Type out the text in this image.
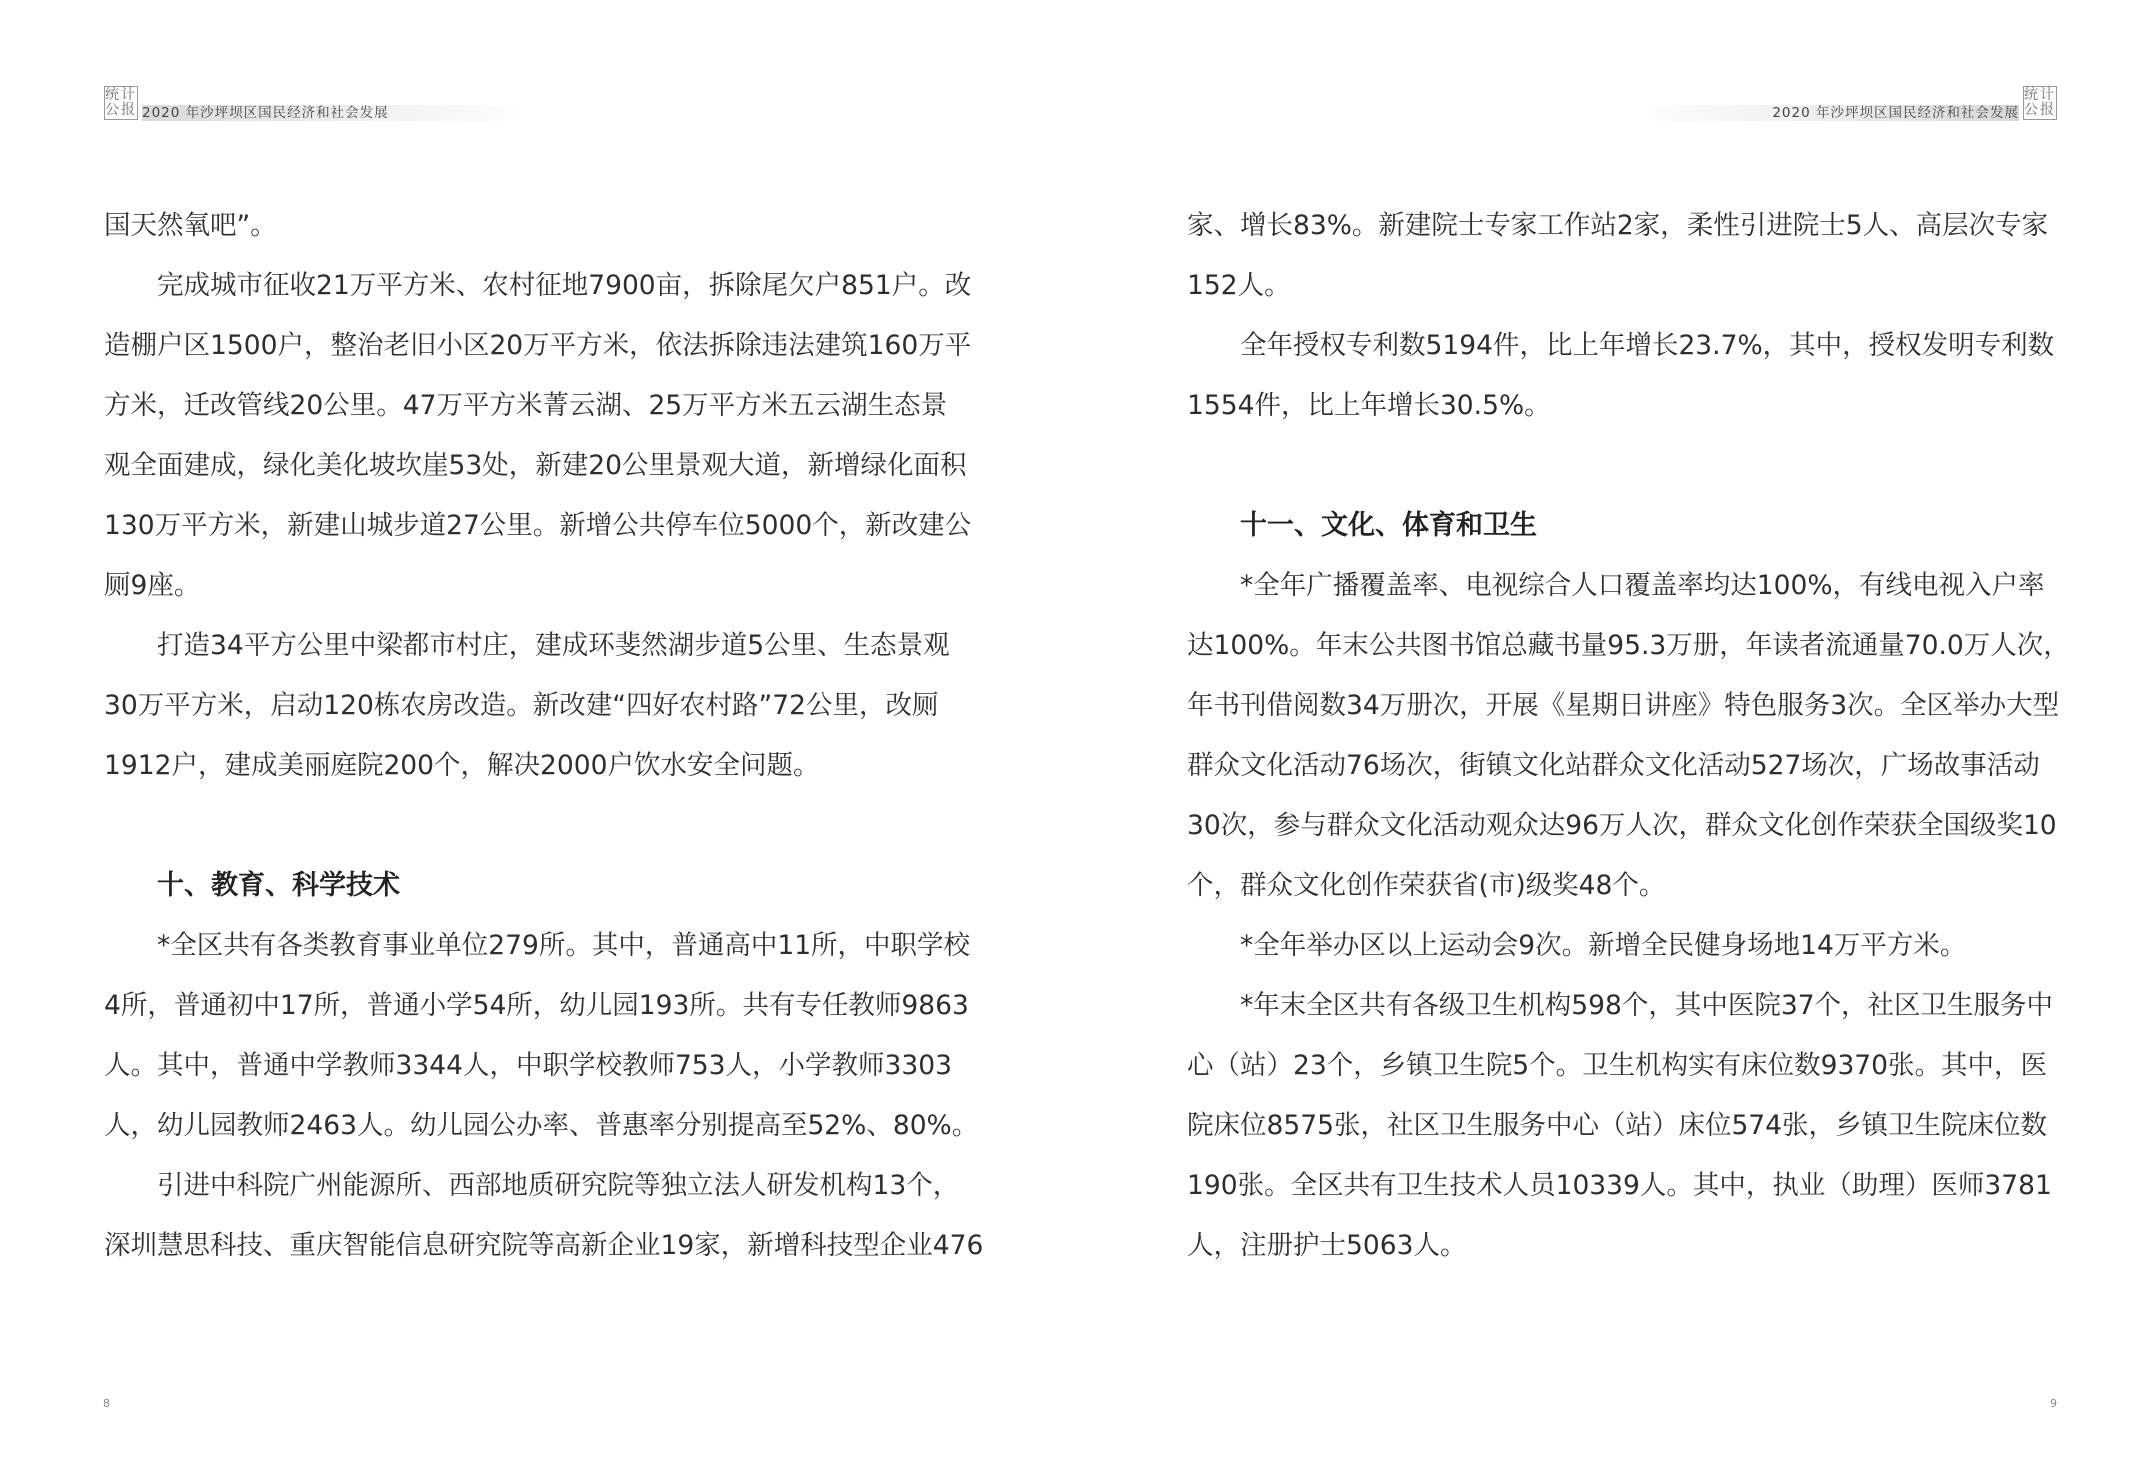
统计
公报 2020 年沙坪坝区国民经济和社会发展

国天然氧吧”。

完成城市征收21万平方米、农村征地7900亩，拆除尾欠户851户。改

造棚户区1500户，整治老旧小区20万平方米，依法拆除违法建筑160万平

方米，迁改管线20公里。47万平方米菁云湖、25万平方米五云湖生态景

观全面建成，绿化美化坡坎崖53处，新建20公里景观大道，新增绿化面积

130万平方米，新建山城步道27公里。新增公共停车位5000个，新改建公

厕9座。

打造34平方公里中梁都市村庄，建成环斐然湖步道5公里、生态景观

30万平方米，启动120栋农房改造。新改建“四好农村路”72公里，改厕

1912户，建成美丽庭院200个，解决2000户饮水安全问题。

十、教育、科学技术

*全区共有各类教育事业单位279所。其中，普通高中11所，中职学校

4所，普通初中17所，普通小学54所，幼儿园193所。共有专任教师9863

人。其中，普通中学教师3344人，中职学校教师753人，小学教师3303

人，幼儿园教师2463人。幼儿园公办率、普惠率分别提高至52%、80%。

引进中科院广州能源所、西部地质研究院等独立法人研发机构13个，

深圳慧思科技、重庆智能信息研究院等高新企业19家，新增科技型企业476

8
2020 年沙坪坝区国民经济和社会发展
统计
公报

家、增长83%。新建院士专家工作站2家，柔性引进院士5人、高层次专家

152人。

全年授权专利数5194件，比上年增长23.7%，其中，授权发明专利数

1554件，比上年增长30.5%。

十一、文化、体育和卫生

*全年广播覆盖率、电视综合人口覆盖率均达100%，有线电视入户率

达100%。年末公共图书馆总藏书量95.3万册，年读者流通量70.0万人次，

年书刊借阅数34万册次，开展《星期日讲座》特色服务3次。全区举办大型

群众文化活动76场次，街镇文化站群众文化活动527场次，广场故事活动

30次，参与群众文化活动观众达96万人次，群众文化创作荣获全国级奖10

个，群众文化创作荣获省(市)级奖48个。

*全年举办区以上运动会9次。新增全民健身场地14万平方米。

*年末全区共有各级卫生机构598个，其中医院37个，社区卫生服务中

心（站）23个，乡镇卫生院5个。卫生机构实有床位数9370张。其中，医

院床位8575张，社区卫生服务中心（站）床位574张，乡镇卫生院床位数

190张。全区共有卫生技术人员10339人。其中，执业（助理）医师3781

人，注册护士5063人。

9
